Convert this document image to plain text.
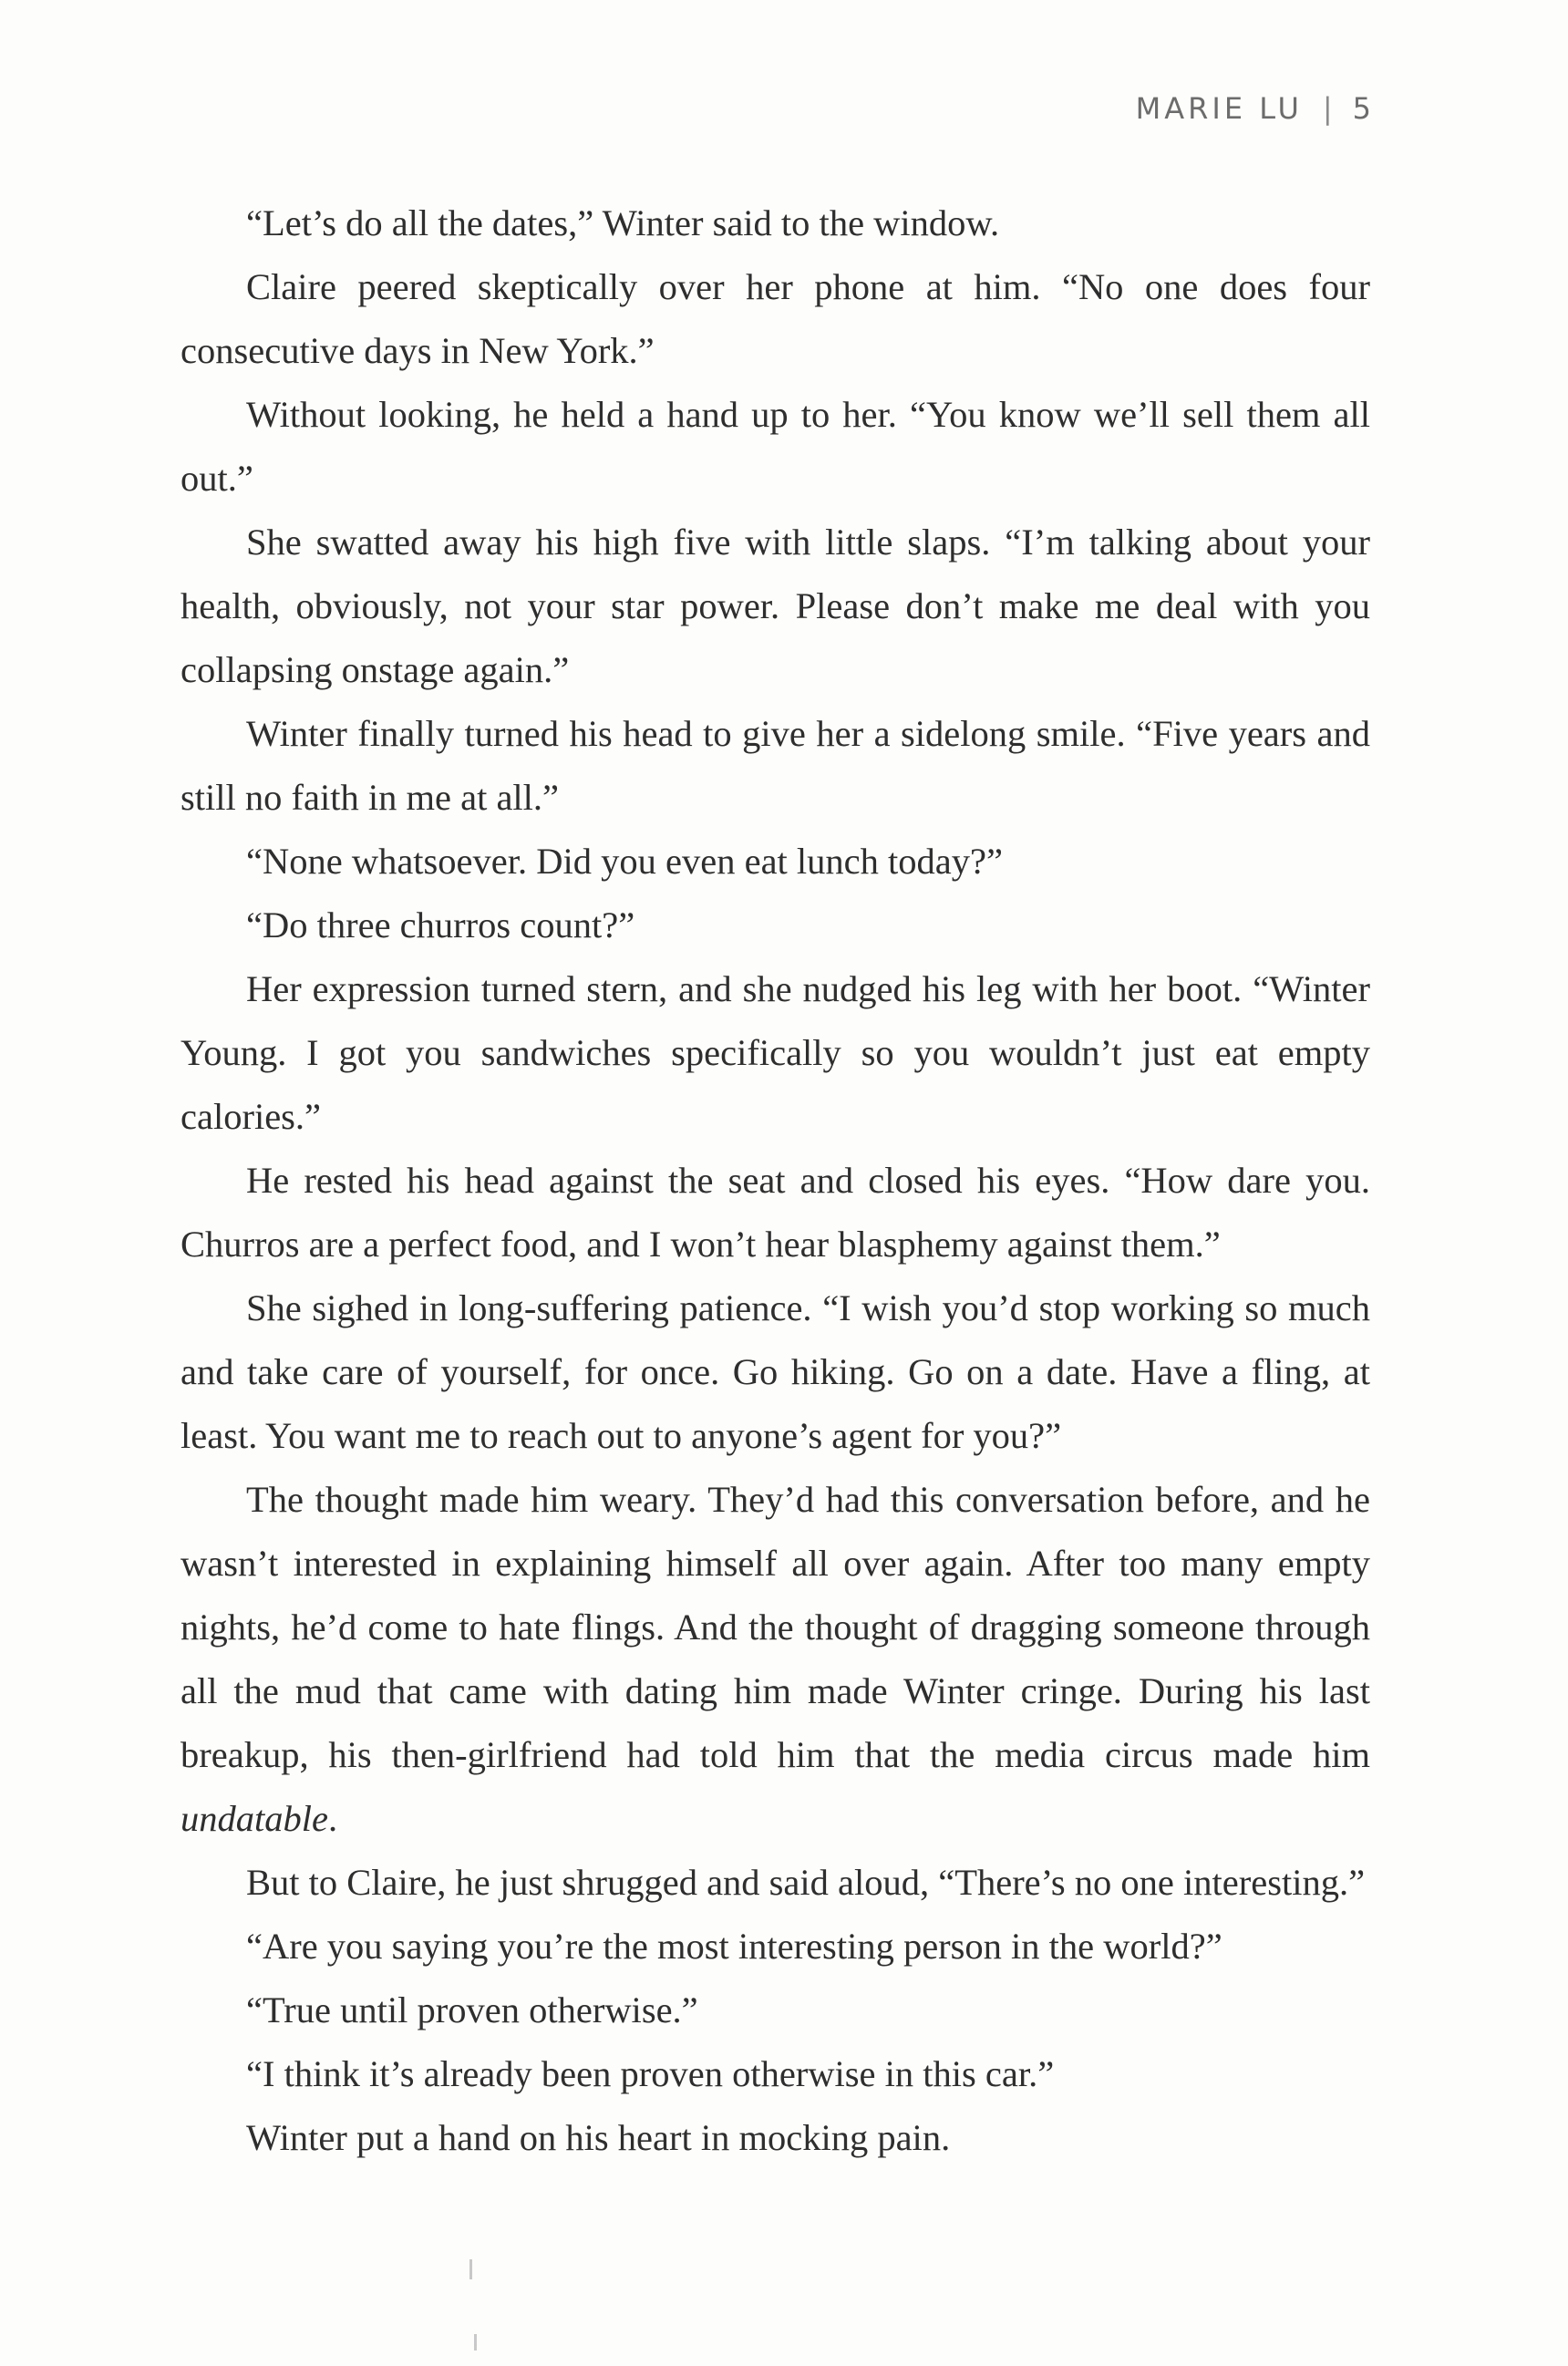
MARIE LU | 5

“Let’s do all the dates,” Winter said to the window.

Claire peered skeptically over her phone at him. “No one does four consecutive days in New York.”

Without looking, he held a hand up to her. “You know we’ll sell them all out.”

She swatted away his high five with little slaps. “I’m talking about your health, obviously, not your star power. Please don’t make me deal with you collapsing onstage again.”

Winter finally turned his head to give her a sidelong smile. “Five years and still no faith in me at all.”

“None whatsoever. Did you even eat lunch today?”

“Do three churros count?”

Her expression turned stern, and she nudged his leg with her boot. “Winter Young. I got you sandwiches specifically so you wouldn’t just eat empty calories.”

He rested his head against the seat and closed his eyes. “How dare you. Churros are a perfect food, and I won’t hear blasphemy against them.”

She sighed in long-suffering patience. “I wish you’d stop working so much and take care of yourself, for once. Go hiking. Go on a date. Have a fling, at least. You want me to reach out to anyone’s agent for you?”

The thought made him weary. They’d had this conversation before, and he wasn’t interested in explaining himself all over again. After too many empty nights, he’d come to hate flings. And the thought of dragging someone through all the mud that came with dating him made Winter cringe. During his last breakup, his then-girlfriend had told him that the media circus made him undatable.

But to Claire, he just shrugged and said aloud, “There’s no one interesting.”

“Are you saying you’re the most interesting person in the world?”

“True until proven otherwise.”

“I think it’s already been proven otherwise in this car.”

Winter put a hand on his heart in mocking pain.
